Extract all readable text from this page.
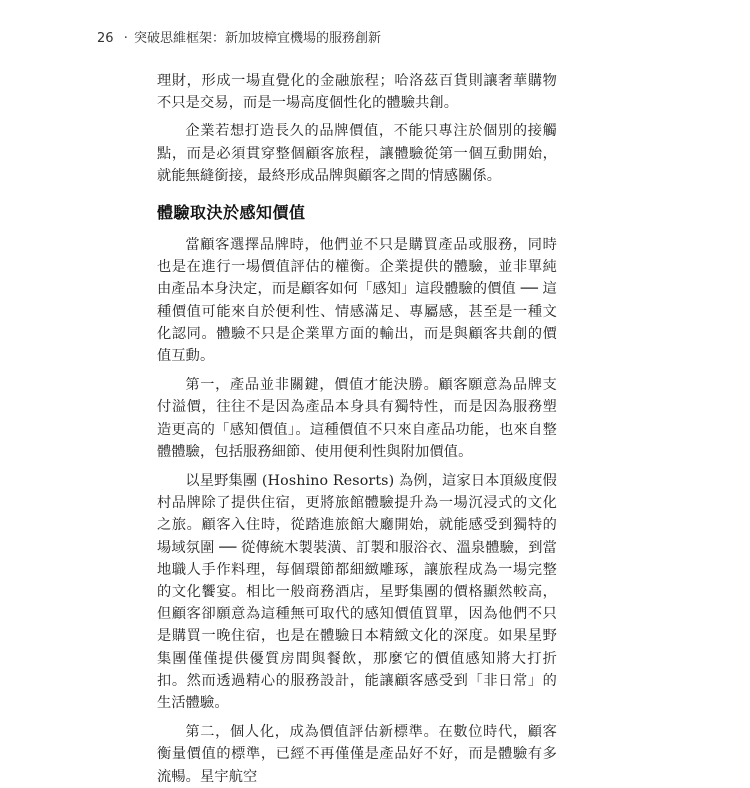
26 · 突破思維框架：新加坡樟宜機場的服務創新

理財，形成一場直覺化的金融旅程；哈洛茲百貨則讓奢華購物不只是交易，而是一場高度個性化的體驗共創。

企業若想打造長久的品牌價值，不能只專注於個別的接觸點，而是必須貫穿整個顧客旅程，讓體驗從第一個互動開始，就能無縫銜接，最終形成品牌與顧客之間的情感關係。

體驗取決於感知價值

當顧客選擇品牌時，他們並不只是購買產品或服務，同時也是在進行一場價值評估的權衡。企業提供的體驗，並非單純由產品本身決定，而是顧客如何「感知」這段體驗的價值 ── 這種價值可能來自於便利性、情感滿足、專屬感，甚至是一種文化認同。體驗不只是企業單方面的輸出，而是與顧客共創的價值互動。

第一，產品並非關鍵，價值才能決勝。顧客願意為品牌支付溢價，往往不是因為產品本身具有獨特性，而是因為服務塑造更高的「感知價值」。這種價值不只來自產品功能，也來自整體體驗，包括服務細節、使用便利性與附加價值。

以星野集團 (Hoshino Resorts) 為例，這家日本頂級度假村品牌除了提供住宿，更將旅館體驗提升為一場沉浸式的文化之旅。顧客入住時，從踏進旅館大廳開始，就能感受到獨特的場域氛圍 ── 從傳統木製裝潢、訂製和服浴衣、溫泉體驗，到當地職人手作料理，每個環節都細緻雕琢，讓旅程成為一場完整的文化饗宴。相比一般商務酒店，星野集團的價格顯然較高，但顧客卻願意為這種無可取代的感知價值買單，因為他們不只是購買一晚住宿，也是在體驗日本精緻文化的深度。如果星野集團僅僅提供優質房間與餐飲，那麼它的價值感知將大打折扣。然而透過精心的服務設計，能讓顧客感受到「非日常」的生活體驗。

第二，個人化，成為價值評估新標準。在數位時代，顧客衡量價值的標準，已經不再僅僅是產品好不好，而是體驗有多流暢。星宇航空
